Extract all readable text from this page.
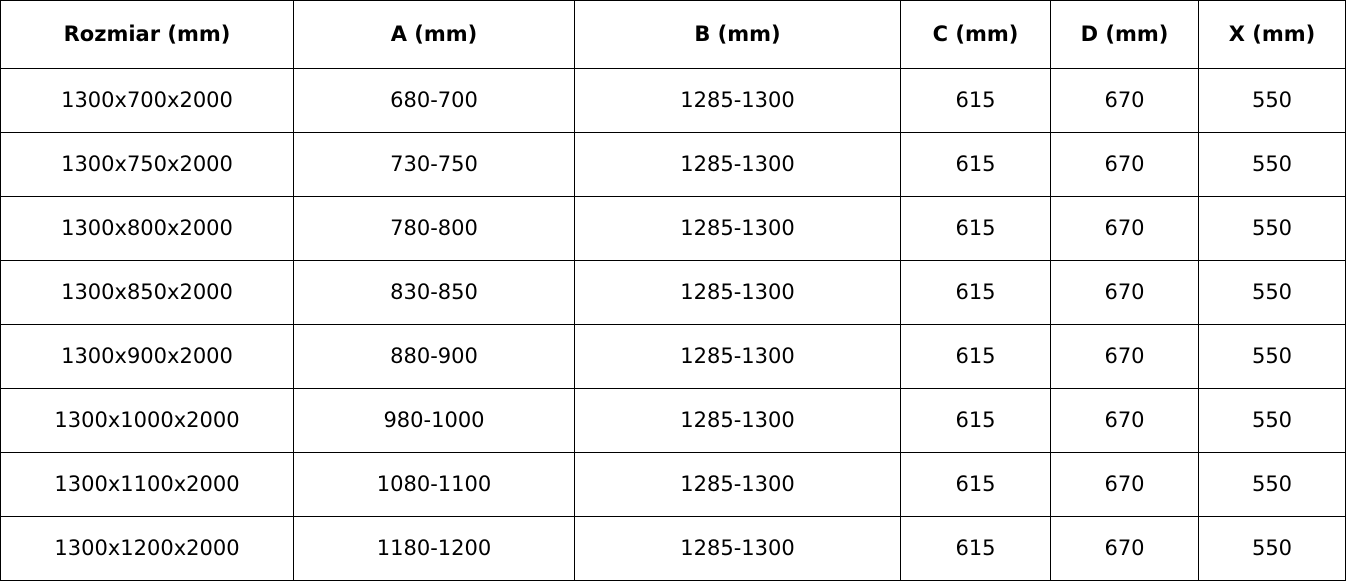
Rozmiar (mm)	A (mm)	B (mm)	C (mm)	D (mm)	X (mm)
1300x700x2000	680-700	1285-1300	615	670	550
1300x750x2000	730-750	1285-1300	615	670	550
1300x800x2000	780-800	1285-1300	615	670	550
1300x850x2000	830-850	1285-1300	615	670	550
1300x900x2000	880-900	1285-1300	615	670	550
1300x1000x2000	980-1000	1285-1300	615	670	550
1300x1100x2000	1080-1100	1285-1300	615	670	550
1300x1200x2000	1180-1200	1285-1300	615	670	550
